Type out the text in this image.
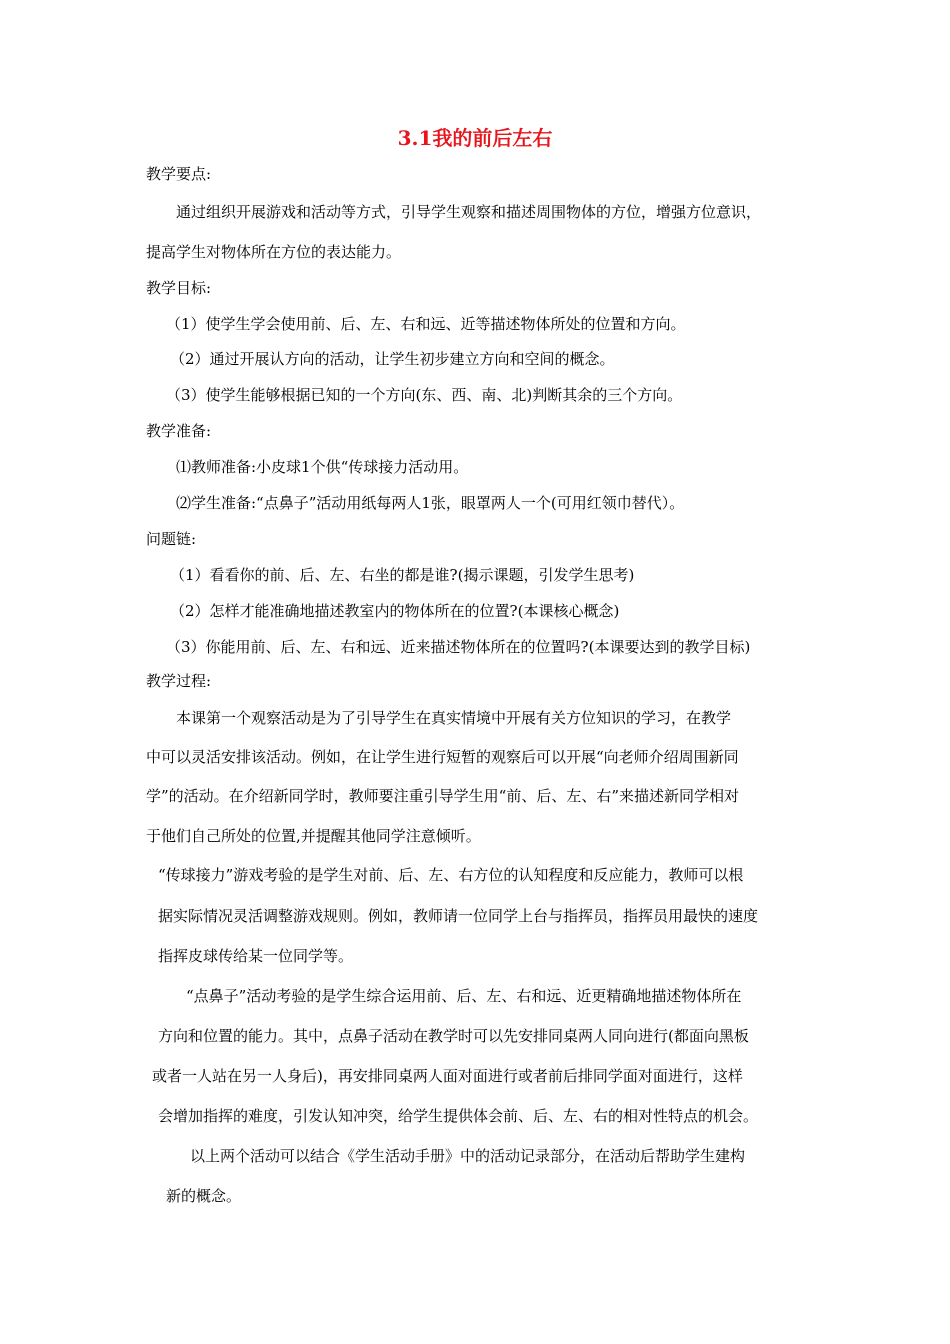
3.1我的前后左右
教学要点:
通过组织开展游戏和活动等方式，引导学生观察和描述周围物体的方位，增强方位意识，
提高学生对物体所在方位的表达能力。
教学目标:
（1）使学生学会使用前、后、左、右和远、近等描述物体所处的位置和方向。
（2）通过开展认方向的活动，让学生初步建立方向和空间的概念。
（3）使学生能够根据已知的一个方向(东、西、南、北)判断其余的三个方向。
教学准备:
⑴教师准备:小皮球1个供“传球接力活动用。
⑵学生准备:“点鼻子”活动用纸每两人1张，眼罩两人一个(可用红领巾替代）。
问题链:
（1）看看你的前、后、左、右坐的都是谁?(揭示课题，引发学生思考)
（2）怎样才能准确地描述教室内的物体所在的位置?(本课核心概念)
（3）你能用前、后、左、右和远、近来描述物体所在的位置吗?(本课要达到的教学目标)
教学过程:
本课第一个观察活动是为了引导学生在真实情境中开展有关方位知识的学习，在教学
中可以灵活安排该活动。例如，在让学生进行短暂的观察后可以开展“向老师介绍周围新同
学”的活动。在介绍新同学时，教师要注重引导学生用“前、后、左、右”来描述新同学相对
于他们自己所处的位置,并提醒其他同学注意倾听。
“传球接力”游戏考验的是学生对前、后、左、右方位的认知程度和反应能力，教师可以根
据实际情况灵活调整游戏规则。例如，教师请一位同学上台与指挥员，指挥员用最快的速度
指挥皮球传给某一位同学等。
“点鼻子”活动考验的是学生综合运用前、后、左、右和远、近更精确地描述物体所在
方向和位置的能力。其中，点鼻子活动在教学时可以先安排同桌两人同向进行(都面向黑板
或者一人站在另一人身后)，再安排同桌两人面对面进行或者前后排同学面对面进行，这样
会增加指挥的难度，引发认知冲突，给学生提供体会前、后、左、右的相对性特点的机会。
以上两个活动可以结合《学生活动手册》中的活动记录部分，在活动后帮助学生建构
新的概念。
